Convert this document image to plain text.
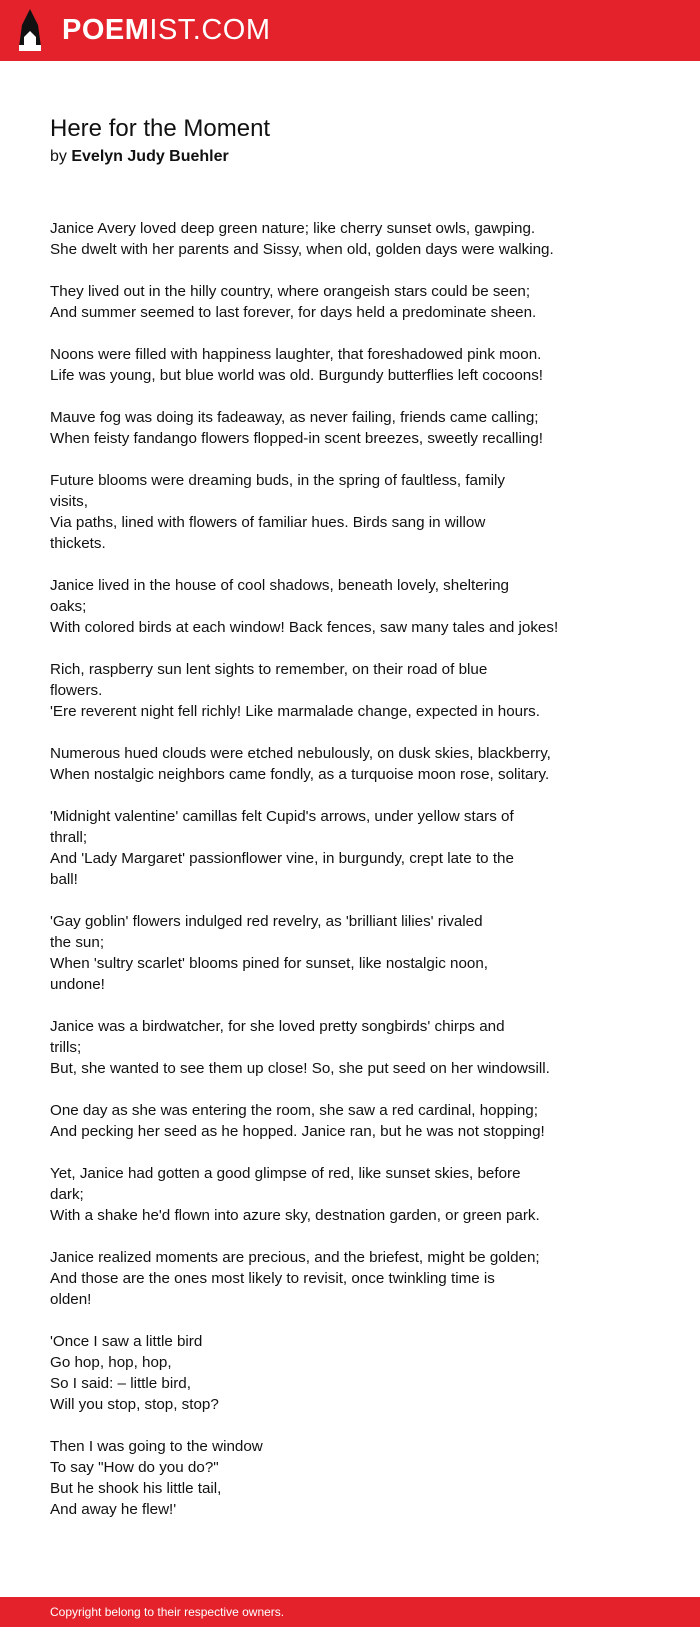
POEMIST.COM
Here for the Moment
by Evelyn Judy Buehler

Janice Avery loved deep green nature; like cherry sunset owls, gawping.
She dwelt with her parents and Sissy, when old, golden days were walking.

They lived out in the hilly country, where orangeish stars could be seen;
And summer seemed to last forever, for days held a predominate sheen.

Noons were filled with happiness laughter, that foreshadowed pink moon.
Life was young, but blue world was old. Burgundy butterflies left cocoons!

Mauve fog was doing its fadeaway, as never failing, friends came calling;
When feisty fandango flowers flopped-in scent breezes, sweetly recalling!

Future blooms were dreaming buds, in the spring of faultless, family
visits,
Via paths, lined with flowers of familiar hues. Birds sang in willow
thickets.

Janice lived in the house of cool shadows, beneath lovely, sheltering
oaks;
With colored birds at each window! Back fences, saw many tales and jokes!

Rich, raspberry sun lent sights to remember, on their road of blue
flowers.
'Ere reverent night fell richly! Like marmalade change, expected in hours.

Numerous hued clouds were etched nebulously, on dusk skies, blackberry,
When nostalgic neighbors came fondly, as a turquoise moon rose, solitary.

'Midnight valentine' camillas felt Cupid's arrows, under yellow stars of
thrall;
And 'Lady Margaret' passionflower vine, in burgundy, crept late to the
ball!

'Gay goblin' flowers indulged red revelry, as 'brilliant lilies' rivaled
the sun;
When 'sultry scarlet' blooms pined for sunset, like nostalgic noon,
undone!

Janice was a birdwatcher, for she loved pretty songbirds' chirps and
trills;
But, she wanted to see them up close! So, she put seed on her windowsill.

One day as she was entering the room, she saw a red cardinal, hopping;
And pecking her seed as he hopped. Janice ran, but he was not stopping!

Yet, Janice had gotten a good glimpse of red, like sunset skies, before
dark;
With a shake he'd flown into azure sky, destnation garden, or green park.

Janice realized moments are precious, and the briefest, might be golden;
And those are the ones most likely to revisit, once twinkling time is
olden!

'Once I saw a little bird
Go hop, hop, hop,
So I said: – little bird,
Will you stop, stop, stop?

Then I was going to the window
To say "How do you do?"
But he shook his little tail,
And away he flew!'

Copyright belong to their respective owners.
